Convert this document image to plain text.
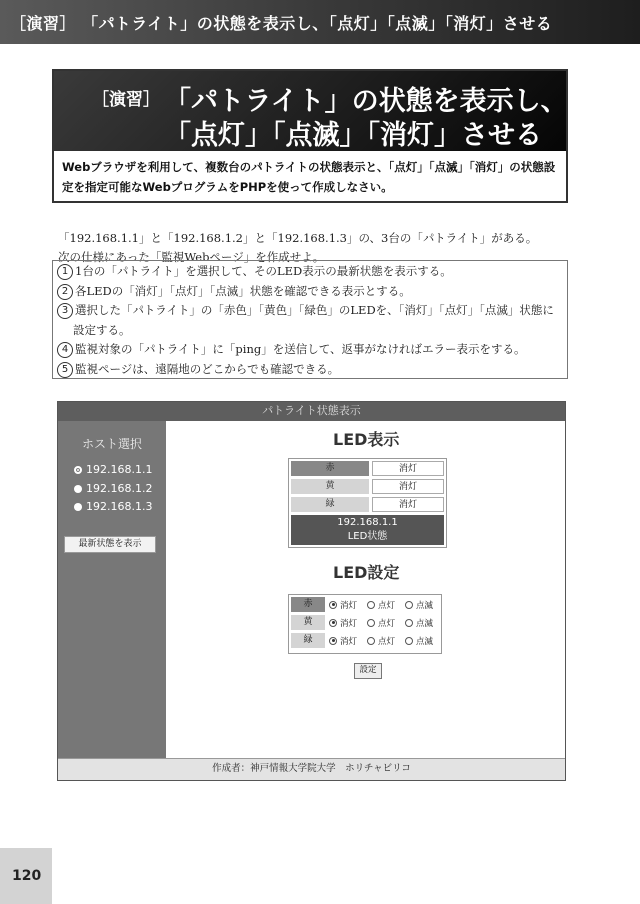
［演習］ 「パトライト」の状態を表示し、「点灯」「点滅」「消灯」させる
［演習］ 「パトライト」の状態を表示し、
「点灯」「点滅」「消灯」させる
Webブラウザを利用して、複数台のパトライトの状態表示と、「点灯」「点滅」「消灯」の状態設定を指定可能なWebプログラムをPHPを使って作成しなさい。
「192.168.1.1」と「192.168.1.2」と「192.168.1.3」の、3台の「パトライト」がある。
次の仕様にあった「監視Webページ」を作成せよ。
1 1台の「パトライト」を選択して、そのLED表示の最新状態を表示する。
2 各LEDの「消灯」「点灯」「点滅」状態を確認できる表示とする。
3 選択した「パトライト」の「赤色」「黄色」「緑色」のLEDを、「消灯」「点灯」「点滅」状態に
設定する。
4 監視対象の「パトライト」に「ping」を送信して、返事がなければエラー表示をする。
5 監視ページは、遠隔地のどこからでも確認できる。
パトライト状態表示
ホスト選択
192.168.1.1
192.168.1.2
192.168.1.3
最新状態を表示
LED表示
赤	消灯
黄	消灯
緑	消灯
192.168.1.1
LED状態
LED設定
赤	消灯 点灯 点滅
黄	消灯 点灯 点滅
緑	消灯 点灯 点滅
設定
作成者：神戸情報大学院大学　ホリチャビリコ
120
